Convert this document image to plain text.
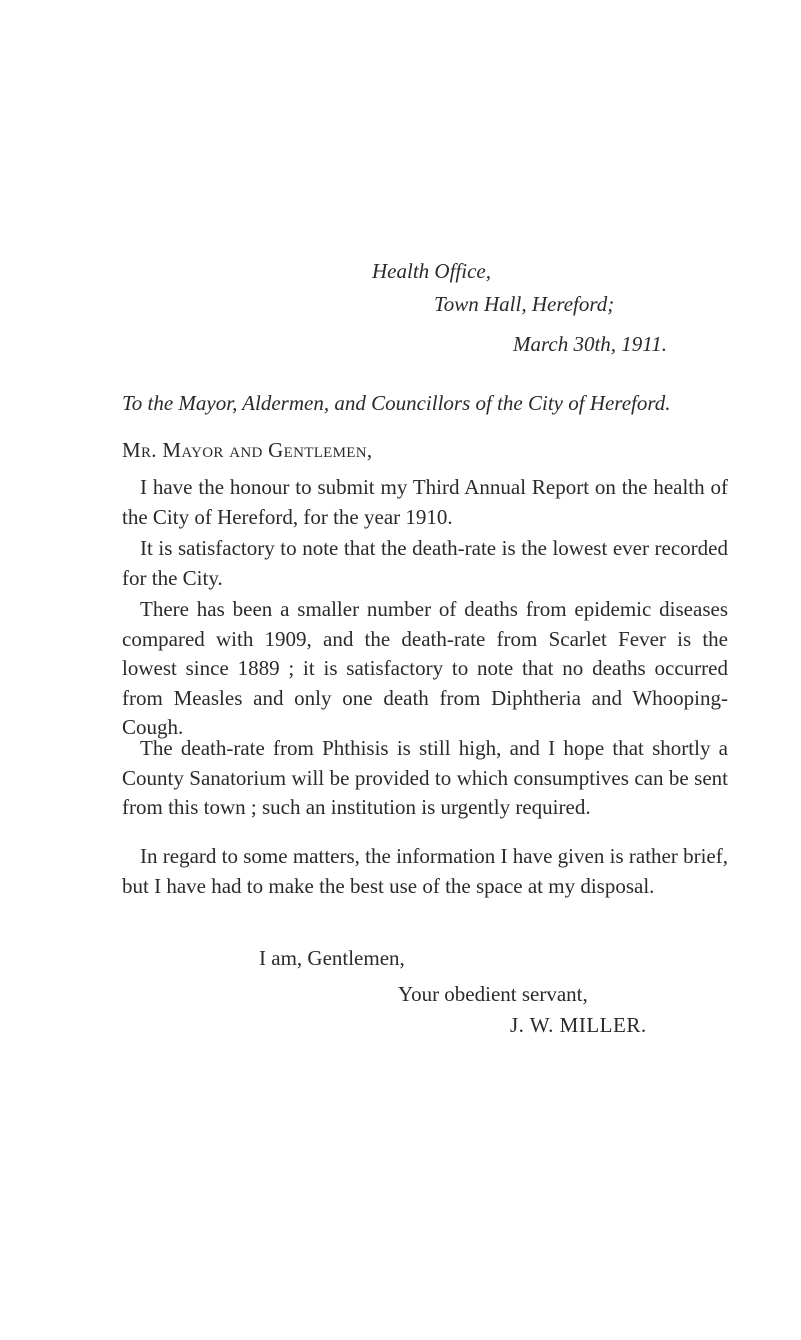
Health Office,

Town Hall, Hereford;

March 30th, 1911.

To the Mayor, Aldermen, and Councillors of the City of Hereford.

Mr. Mayor and Gentlemen,

I have the honour to submit my Third Annual Report on the health of the City of Hereford, for the year 1910.

It is satisfactory to note that the death-rate is the lowest ever recorded for the City.

There has been a smaller number of deaths from epidemic diseases compared with 1909, and the death-rate from Scarlet Fever is the lowest since 1889 ; it is satisfactory to note that no deaths occurred from Measles and only one death from Diphtheria and Whooping-Cough.

The death-rate from Phthisis is still high, and I hope that shortly a County Sanatorium will be provided to which consumptives can be sent from this town ; such an institution is urgently required.

In regard to some matters, the information I have given is rather brief, but I have had to make the best use of the space at my disposal.

I am, Gentlemen,

Your obedient servant,

J. W. MILLER.
